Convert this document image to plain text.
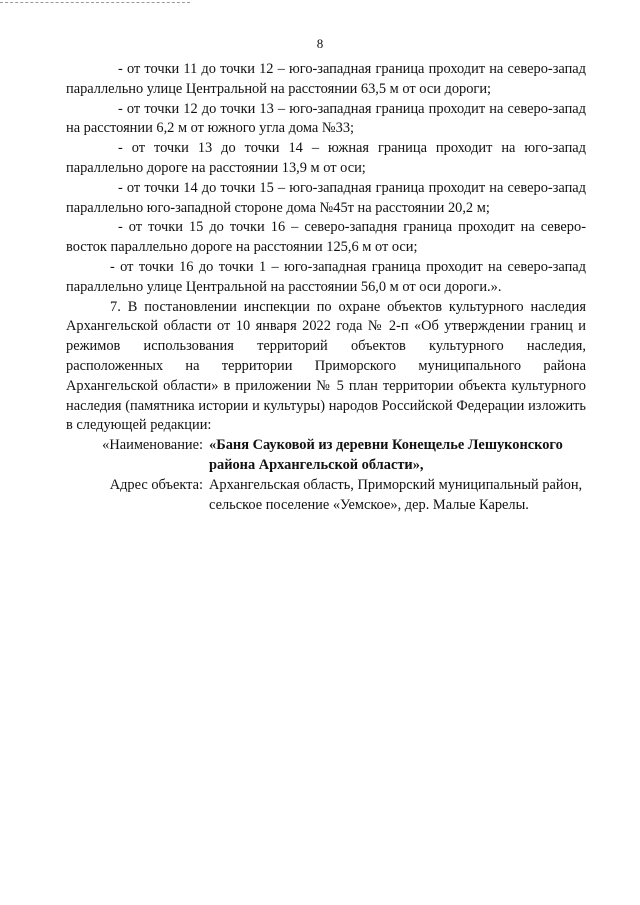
8

- от точки 11 до точки 12 – юго-западная граница проходит на северо-запад параллельно улице Центральной на расстоянии 63,5 м от оси дороги;

- от точки 12 до точки 13 – юго-западная граница проходит на северо-запад на расстоянии 6,2 м от южного угла дома №33;

- от точки 13 до точки 14 – южная граница проходит на юго-запад параллельно дороге на расстоянии 13,9 м от оси;

- от точки 14 до точки 15 – юго-западная граница проходит на северо-запад параллельно юго-западной стороне дома №45т на расстоянии 20,2 м;

- от точки 15 до точки 16 – северо-западня граница проходит на северо-восток параллельно дороге на расстоянии 125,6 м от оси;

- от точки 16 до точки 1 – юго-западная граница проходит на северо-запад параллельно улице Центральной на расстоянии 56,0 м от оси дороги.».

7. В постановлении инспекции по охране объектов культурного наследия Архангельской области от 10 января 2022 года № 2-п «Об утверждении границ и режимов использования территорий объектов культурного наследия, расположенных на территории Приморского муниципального района Архангельской области» в приложении № 5 план территории объекта культурного наследия (памятника истории и культуры) народов Российской Федерации изложить в следующей редакции:

«Наименование: «Баня Сауковой из деревни Конещелье Лешуконского района Архангельской области»,
Адрес объекта: Архангельская область, Приморский муниципальный район, сельское поселение «Уемское», дер. Малые Карелы.
